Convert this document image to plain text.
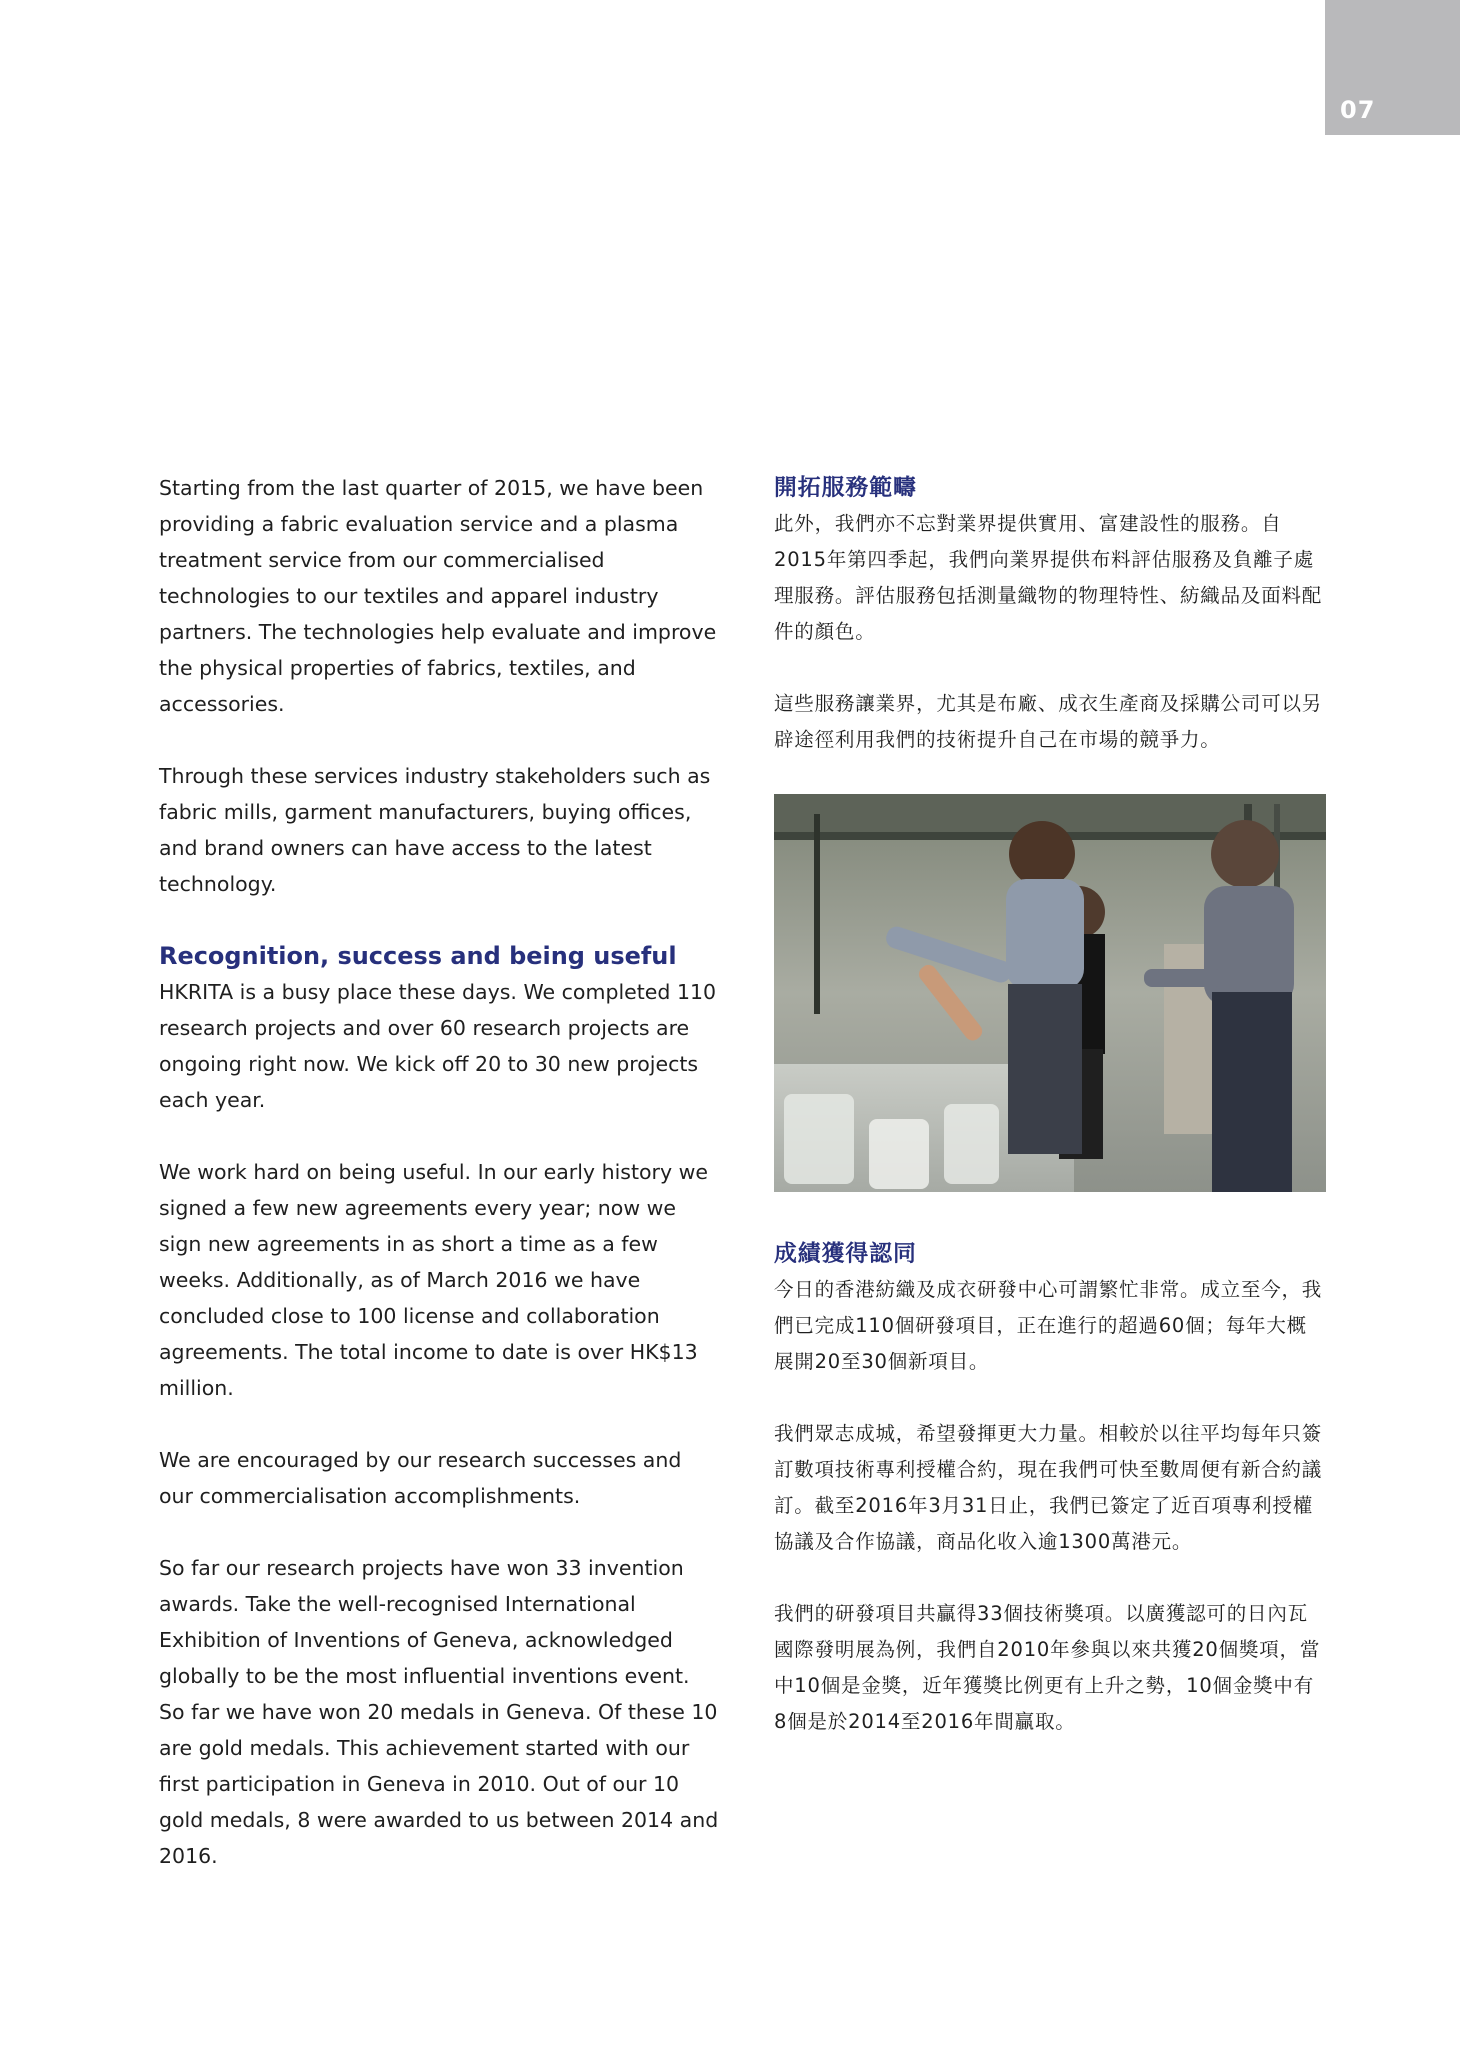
07

Starting from the last quarter of 2015, we have been providing a fabric evaluation service and a plasma treatment service from our commercialised technologies to our textiles and apparel industry partners. The technologies help evaluate and improve the physical properties of fabrics, textiles, and accessories.

Through these services industry stakeholders such as fabric mills, garment manufacturers, buying offices, and brand owners can have access to the latest technology.

Recognition, success and being useful

HKRITA is a busy place these days. We completed 110 research projects and over 60 research projects are ongoing right now. We kick off 20 to 30 new projects each year.

We work hard on being useful. In our early history we signed a few new agreements every year; now we sign new agreements in as short a time as a few weeks. Additionally, as of March 2016 we have concluded close to 100 license and collaboration agreements. The total income to date is over HK$13 million.

We are encouraged by our research successes and our commercialisation accomplishments.

So far our research projects have won 33 invention awards. Take the well-recognised International Exhibition of Inventions of Geneva, acknowledged globally to be the most influential inventions event. So far we have won 20 medals in Geneva. Of these 10 are gold medals. This achievement started with our first participation in Geneva in 2010. Out of our 10 gold medals, 8 were awarded to us between 2014 and 2016.

開拓服務範疇

此外，我們亦不忘對業界提供實用、富建設性的服務。自2015年第四季起，我們向業界提供布料評估服務及負離子處理服務。評估服務包括測量織物的物理特性、紡織品及面料配件的顏色。

這些服務讓業界，尤其是布廠、成衣生產商及採購公司可以另辟途徑利用我們的技術提升自己在市場的競爭力。

成績獲得認同

今日的香港紡織及成衣研發中心可謂繁忙非常。成立至今，我們已完成110個研發項目，正在進行的超過60個；每年大概展開20至30個新項目。

我們眾志成城，希望發揮更大力量。相較於以往平均每年只簽訂數項技術專利授權合約，現在我們可快至數周便有新合約議訂。截至2016年3月31日止，我們已簽定了近百項專利授權協議及合作協議，商品化收入逾1300萬港元。

我們的研發項目共贏得33個技術獎項。以廣獲認可的日內瓦國際發明展為例，我們自2010年參與以來共獲20個獎項，當中10個是金獎，近年獲獎比例更有上升之勢，10個金獎中有8個是於2014至2016年間贏取。
